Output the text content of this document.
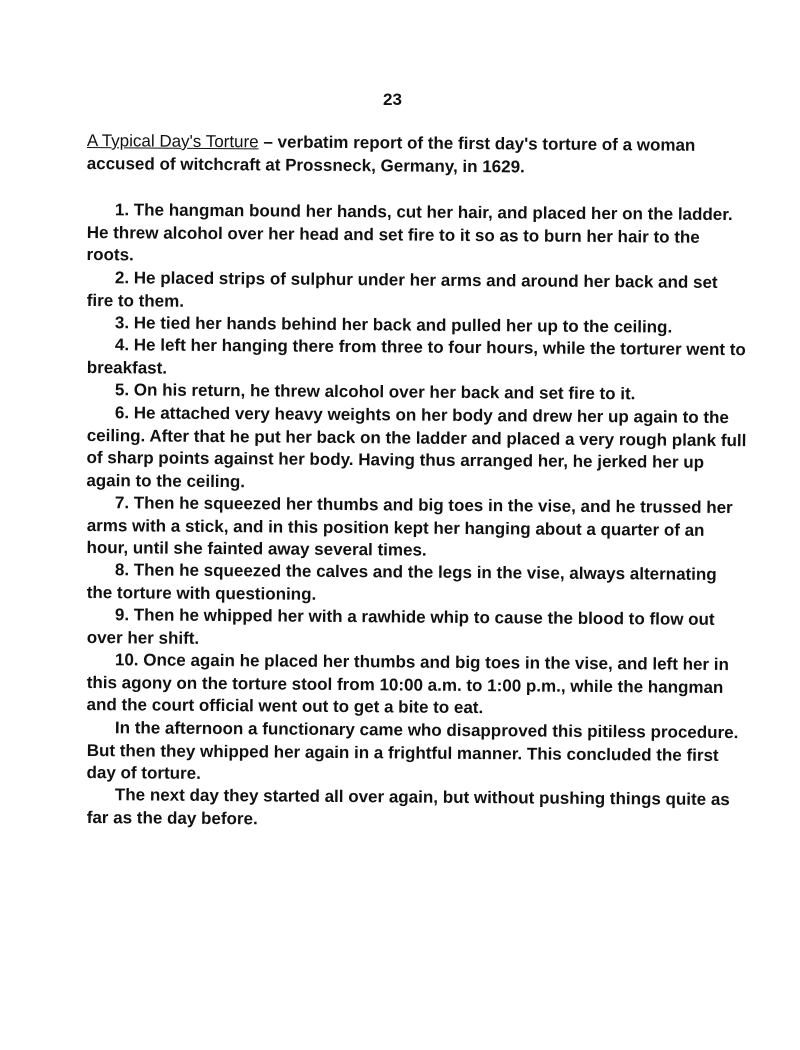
23

A Typical Day's Torture – verbatim report of the first day's torture of a woman accused of witchcraft at Prossneck, Germany, in 1629.

1. The hangman bound her hands, cut her hair, and placed her on the ladder. He threw alcohol over her head and set fire to it so as to burn her hair to the roots.

2. He placed strips of sulphur under her arms and around her back and set fire to them.

3. He tied her hands behind her back and pulled her up to the ceiling.

4. He left her hanging there from three to four hours, while the torturer went to breakfast.

5. On his return, he threw alcohol over her back and set fire to it.

6. He attached very heavy weights on her body and drew her up again to the ceiling. After that he put her back on the ladder and placed a very rough plank full of sharp points against her body. Having thus arranged her, he jerked her up again to the ceiling.

7. Then he squeezed her thumbs and big toes in the vise, and he trussed her arms with a stick, and in this position kept her hanging about a quarter of an hour, until she fainted away several times.

8. Then he squeezed the calves and the legs in the vise, always alternating the torture with questioning.

9. Then he whipped her with a rawhide whip to cause the blood to flow out over her shift.

10. Once again he placed her thumbs and big toes in the vise, and left her in this agony on the torture stool from 10:00 a.m. to 1:00 p.m., while the hangman and the court official went out to get a bite to eat.

In the afternoon a functionary came who disapproved this pitiless procedure. But then they whipped her again in a frightful manner. This concluded the first day of torture.

The next day they started all over again, but without pushing things quite as far as the day before.
